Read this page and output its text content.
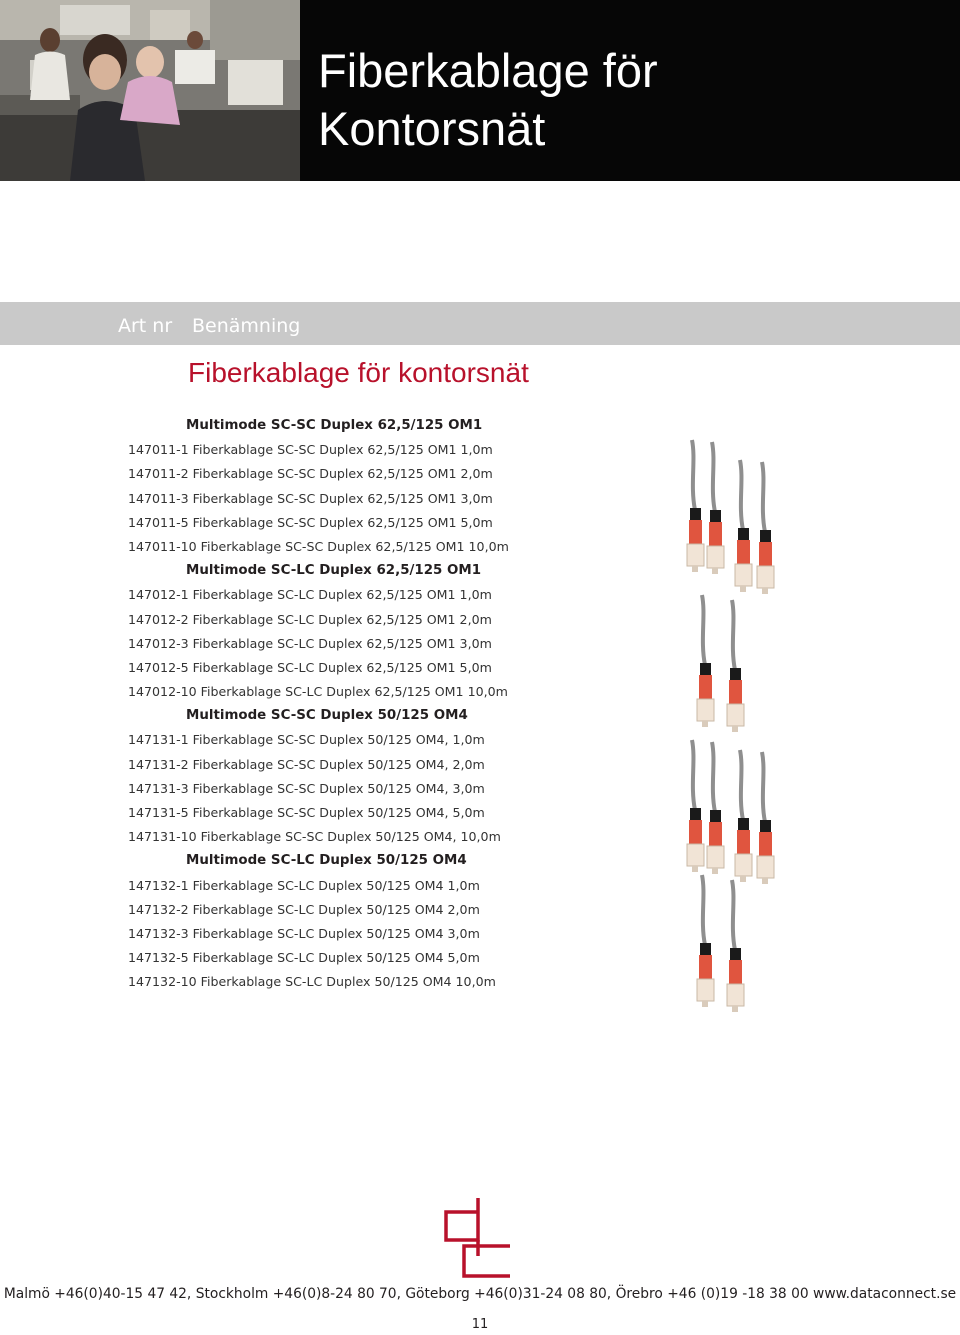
Fiberkablage för
Kontorsnät
Art nr Benämning
Fiberkablage för kontorsnät
Multimode SC-SC Duplex 62,5/125 OM1
147011-1 Fiberkablage SC-SC Duplex 62,5/125 OM1 1,0m
147011-2 Fiberkablage SC-SC Duplex 62,5/125 OM1 2,0m
147011-3 Fiberkablage SC-SC Duplex 62,5/125 OM1 3,0m
147011-5 Fiberkablage SC-SC Duplex 62,5/125 OM1 5,0m
147011-10 Fiberkablage SC-SC Duplex 62,5/125 OM1 10,0m
Multimode SC-LC Duplex 62,5/125 OM1
147012-1 Fiberkablage SC-LC Duplex 62,5/125 OM1 1,0m
147012-2 Fiberkablage SC-LC Duplex 62,5/125 OM1 2,0m
147012-3 Fiberkablage SC-LC Duplex 62,5/125 OM1 3,0m
147012-5 Fiberkablage SC-LC Duplex 62,5/125 OM1 5,0m
147012-10 Fiberkablage SC-LC Duplex 62,5/125 OM1 10,0m
Multimode SC-SC Duplex 50/125 OM4
147131-1 Fiberkablage SC-SC Duplex 50/125 OM4, 1,0m
147131-2 Fiberkablage SC-SC Duplex 50/125 OM4, 2,0m
147131-3 Fiberkablage SC-SC Duplex 50/125 OM4, 3,0m
147131-5 Fiberkablage SC-SC Duplex 50/125 OM4, 5,0m
147131-10 Fiberkablage SC-SC Duplex 50/125 OM4, 10,0m
Multimode SC-LC Duplex 50/125 OM4
147132-1 Fiberkablage SC-LC Duplex 50/125 OM4 1,0m
147132-2 Fiberkablage SC-LC Duplex 50/125 OM4 2,0m
147132-3 Fiberkablage SC-LC Duplex 50/125 OM4 3,0m
147132-5 Fiberkablage SC-LC Duplex 50/125 OM4 5,0m
147132-10 Fiberkablage SC-LC Duplex 50/125 OM4 10,0m
Malmö +46(0)40-15 47 42, Stockholm +46(0)8-24 80 70, Göteborg +46(0)31-24 08 80, Örebro +46 (0)19 -18 38 00 www.dataconnect.se
11
